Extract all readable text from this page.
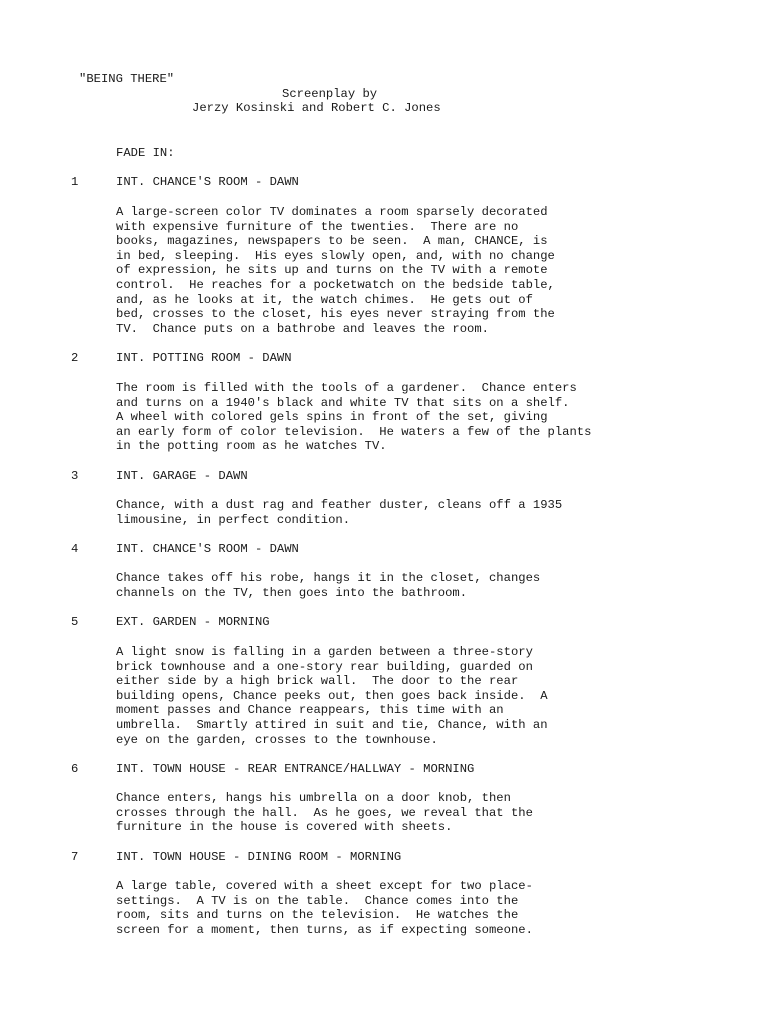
"BEING THERE"
Screenplay by
Jerzy Kosinski and Robert C. Jones
FADE IN:
1	INT. CHANCE'S ROOM - DAWN
A large-screen color TV dominates a room sparsely decorated
with expensive furniture of the twenties.  There are no
books, magazines, newspapers to be seen.  A man, CHANCE, is
in bed, sleeping.  His eyes slowly open, and, with no change
of expression, he sits up and turns on the TV with a remote
control.  He reaches for a pocketwatch on the bedside table,
and, as he looks at it, the watch chimes.  He gets out of
bed, crosses to the closet, his eyes never straying from the
TV.  Chance puts on a bathrobe and leaves the room.
2	INT. POTTING ROOM - DAWN
The room is filled with the tools of a gardener.  Chance enters
and turns on a 1940's black and white TV that sits on a shelf.
A wheel with colored gels spins in front of the set, giving
an early form of color television.  He waters a few of the plants
in the potting room as he watches TV.
3	INT. GARAGE - DAWN
Chance, with a dust rag and feather duster, cleans off a 1935
limousine, in perfect condition.
4	INT. CHANCE'S ROOM - DAWN
Chance takes off his robe, hangs it in the closet, changes
channels on the TV, then goes into the bathroom.
5	EXT. GARDEN - MORNING
A light snow is falling in a garden between a three-story
brick townhouse and a one-story rear building, guarded on
either side by a high brick wall.  The door to the rear
building opens, Chance peeks out, then goes back inside.  A
moment passes and Chance reappears, this time with an
umbrella.  Smartly attired in suit and tie, Chance, with an
eye on the garden, crosses to the townhouse.
6	INT. TOWN HOUSE - REAR ENTRANCE/HALLWAY - MORNING
Chance enters, hangs his umbrella on a door knob, then
crosses through the hall.  As he goes, we reveal that the
furniture in the house is covered with sheets.
7	INT. TOWN HOUSE - DINING ROOM - MORNING
A large table, covered with a sheet except for two place-
settings.  A TV is on the table.  Chance comes into the
room, sits and turns on the television.  He watches the
screen for a moment, then turns, as if expecting someone.
